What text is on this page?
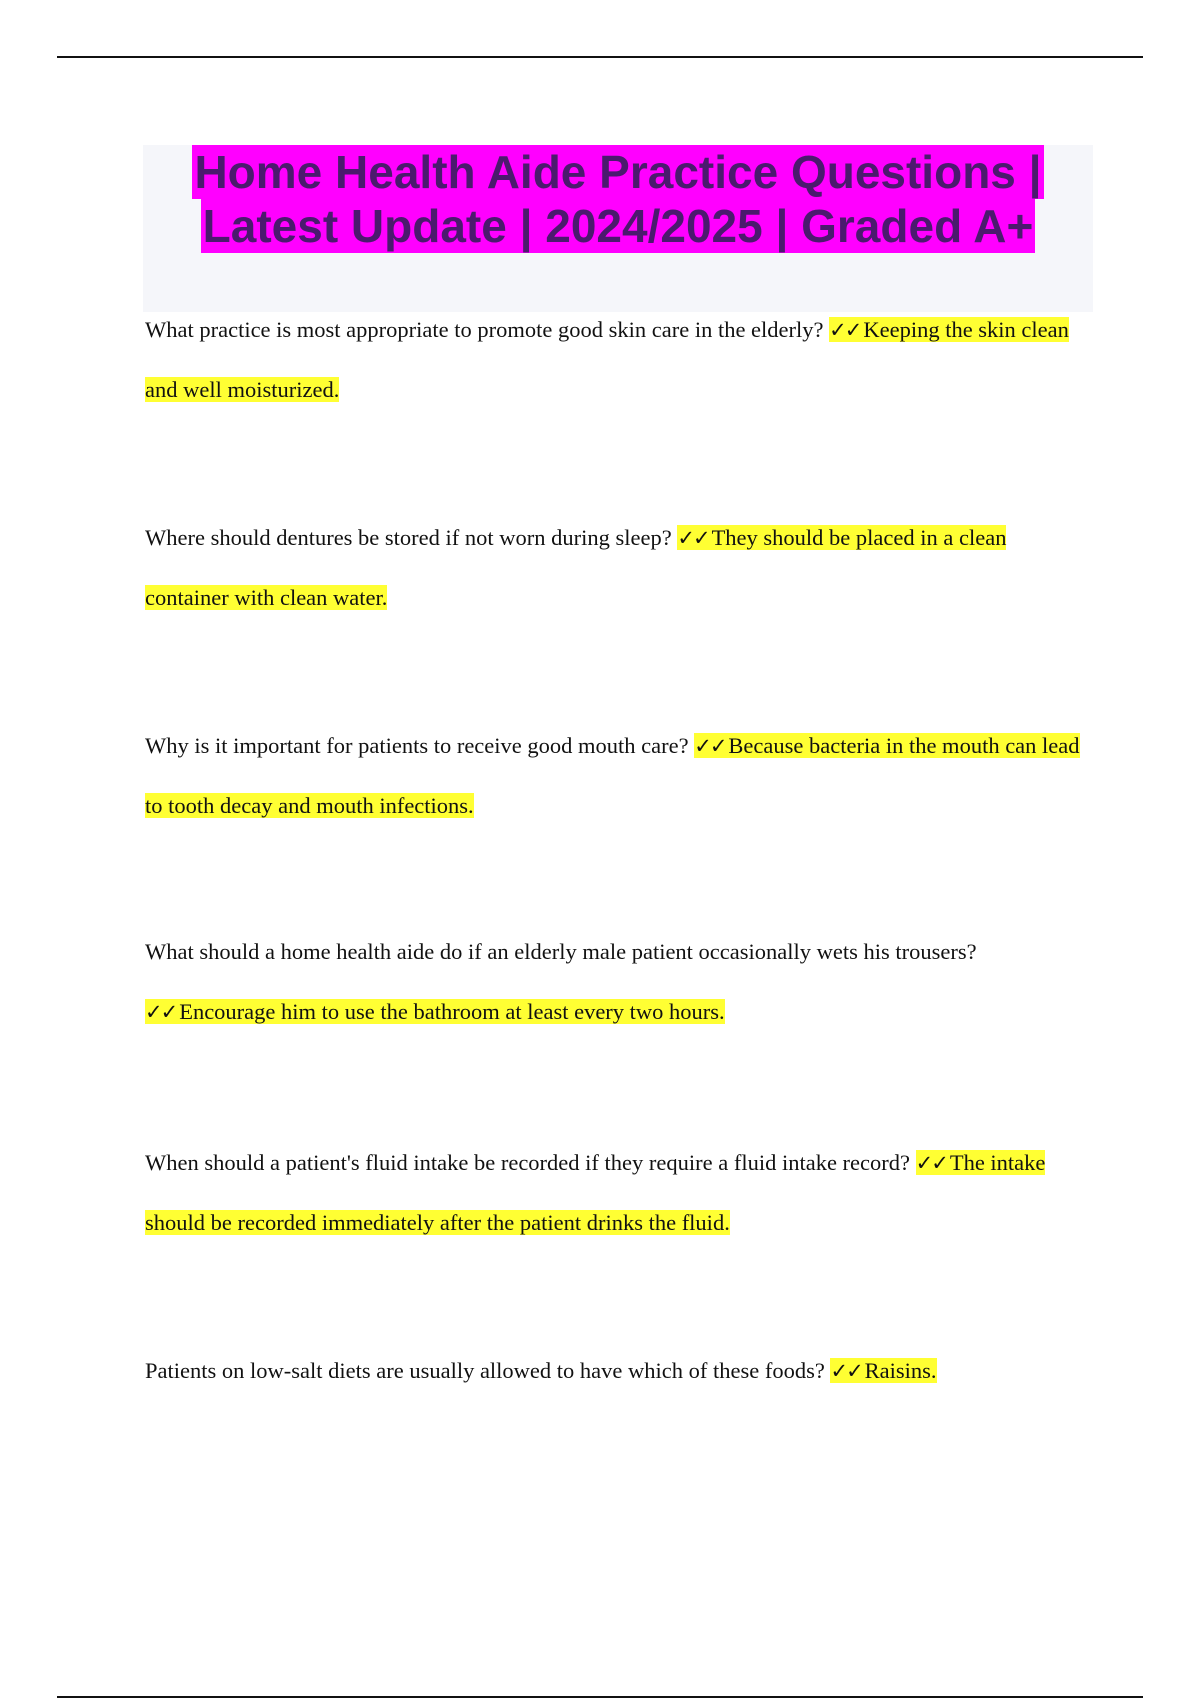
Home Health Aide Practice Questions |
Latest Update | 2024/2025 | Graded A+
What practice is most appropriate to promote good skin care in the elderly? ✓✓ Keeping the skin clean and well moisturized.
Where should dentures be stored if not worn during sleep? ✓✓ They should be placed in a clean container with clean water.
Why is it important for patients to receive good mouth care? ✓✓ Because bacteria in the mouth can lead to tooth decay and mouth infections.
What should a home health aide do if an elderly male patient occasionally wets his trousers? ✓✓ Encourage him to use the bathroom at least every two hours.
When should a patient's fluid intake be recorded if they require a fluid intake record? ✓✓ The intake should be recorded immediately after the patient drinks the fluid.
Patients on low-salt diets are usually allowed to have which of these foods? ✓✓ Raisins.
